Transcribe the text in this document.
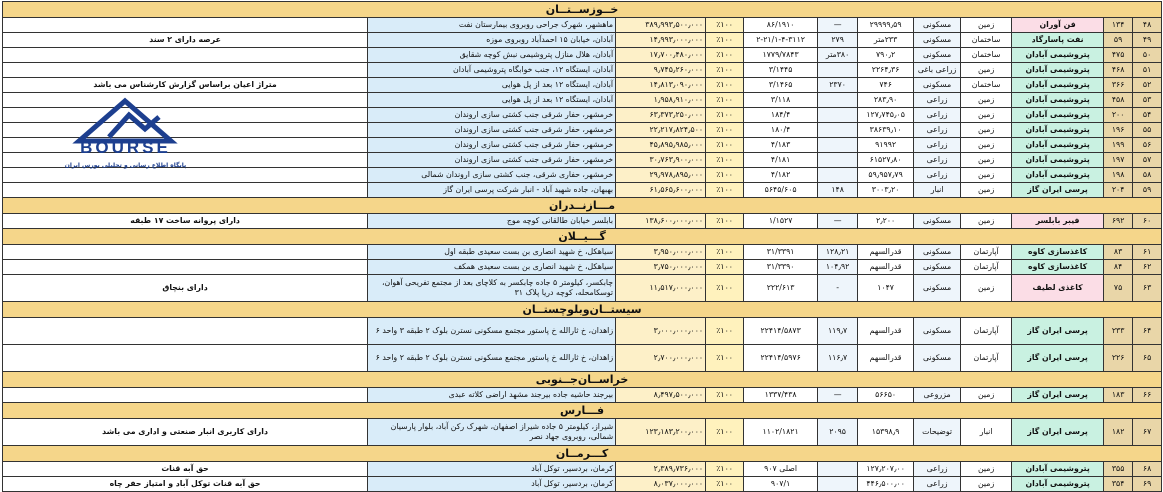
خــوزســتــان											
۴۸	۱۳۴	فن آوران	زمین	مسکونی	۲۹۹۹۹٫۵۹	—	۸۶/۱۹۱۰	٪۱۰۰	۳۸۹٫۹۹۳٫۵۰۰٫۰۰۰	ماهشهر، شهرک جراحی روبروی بیمارستان نفت	
۴۹	۵۹	نفت پاسارگاد	ساختمان	مسکونی	۲۳۳متر	۲۷۹	۲-۲۱/۱-۴-۳۱۱۲	٪۱۰۰	۱۴٫۹۹۳٫۰۰۰٫۰۰۰	آبادان، خیابان ۱۵ احمدآباد روبروی موزه	عرصه دارای ۲ سند
۵۰	۴۷۵	پتروشیمی آبادان	ساختمان	مسکونی	۷۹۰٫۲	۳۸۰متر	۱۷۷۹/۷۸۴۳	٪۱۰۰	۱۷٫۷۰۰٫۴۸۰٫۰۰۰	آبادان، هلال منازل پتروشیمی نبش کوچه شقایق	
۵۱	۴۶۸	پتروشیمی آبادان	زمین	زراعی باغی	۲۲۶۴٫۳۶		۳/۱۴۴۵	٪۱۰۰	۹٫۷۴۵٫۲۶۰٫۰۰۰	آبادان، ایستگاه ۱۲، جنب خوابگاه پتروشیمی آبادان	
۵۲	۳۶۶	پتروشیمی آبادان	ساختمان	مسکونی	۷۴۶	۲۳۷۰	۳/۱۴۶۵	٪۱۰۰	۱۴٫۸۱۳٫۰۹۰٫۰۰۰	آبادان، ایستگاه ۱۲ بعد از پل هوایی	متراژ اعیان براساس گزارش کارشناس می باشد
۵۳	۴۵۸	پتروشیمی آبادان	زمین	زراعی	۲۸۳٫۹۰		۳/۱۱۸	٪۱۰۰	۱٫۹۵۸٫۹۱۰٫۰۰۰	آبادان، ایستگاه ۱۲ بعد از پل هوایی	BOURSE
پایگاه اطلاع رسانی و تحلیلی بورس ایران

۵۴	۲۰۰	پتروشیمی آبادان	زمین	زراعی	۱۲۷٫۷۴۵٫۰۵		۱۸۴/۴	٪۱۰۰	۶۳٫۳۷۳٫۲۵۰٫۰۰۰	خرمشهر، حفار شرقی جنب کشتی سازی اروندان	
۵۵	۱۹۶	پتروشیمی آبادان	زمین	زراعی	۳۸۶۳۹٫۱۰		۱۸۰/۴	٪۱۰۰	۲۲٫۲۱۷٫۸۲۴٫۵۰۰	خرمشهر، حفار شرقی جنب کشتی سازی اروندان	
۵۶	۱۹۹	پتروشیمی آبادان	زمین	زراعی	۹۱۹۹۲		۴/۱۸۳	٪۱۰۰	۴۵٫۸۹۵٫۹۸۵٫۰۰۰	خرمشهر، حفار شرقی جنب کشتی سازی اروندان	
۵۷	۱۹۷	پتروشیمی آبادان	زمین	زراعی	۶۱۵۲۷٫۸۰		۴/۱۸۱	٪۱۰۰	۳۰٫۷۶۳٫۹۰۰٫۰۰۰	خرمشهر، حفار شرقی جنب کشتی سازی اروندان	
۵۸	۱۹۸	پتروشیمی آبادان	زمین	زراعی	۵۹٫۹۵۷٫۷۹		۴/۱۸۲	٪۱۰۰	۲۹٫۹۷۸٫۸۹۵٫۰۰۰	خرمشهر، حفاری شرقی، جنب کشتی سازی اروندان شمالی	
۵۹	۲۰۴	پرسی ایران گاز	زمین	انبار	۳۰۰۳٫۲۰	۱۴۸	۵۶۴۵/۶۰۵	٪۱۰۰	۶۱٫۵۶۵٫۶۰۰٫۰۰۰	بهبهان، جاده شهید آباد - انبار شرکت پرسی ایران گاز	
مـــازنــدران											
۶۰	۶۹۲	فیبر بابلسر	زمین	مسکونی	۲٫۲۰۰	—	۱/۱۵۲۷	٪۱۰۰	۱۳۸٫۶۰۰٫۰۰۰٫۰۰۰	بابلسر خیابان طالقانی کوچه موج	دارای پروانه ساخت ۱۷ طبقه
گـــیــلان											
۶۱	۸۳	کاغذسازی کاوه	آپارتمان	مسکونی	قدرالسهم	۱۲۸٫۲۱	۳۱/۳۳۹۱	٪۱۰۰	۳٫۹۵۰٫۰۰۰٫۰۰۰	سیاهکل، خ شهید انصاری بن بست سعیدی طبقه اول	
۶۲	۸۴	کاغذسازی کاوه	آپارتمان	مسکونی	قدرالسهم	۱۰۴٫۹۲	۳۱/۳۳۹۰	٪۱۰۰	۳٫۷۵۰٫۰۰۰٫۰۰۰	سیاهکل، خ شهید انصاری بن بست سعیدی همکف	
۶۳	۷۵	کاغذی لطیف	زمین	مسکونی	۱۰۴۷	-	۲۲۲/۶۱۳	٪۱۰۰	۱۱٫۵۱۷٫۰۰۰٫۰۰۰	چابکسر، کیلومتر ۵ جاده چابکسر به کلاچای بعد از مجتمع تفریحی آهوان، توسکامحله، کوچه دریا پلاک ۳۱	دارای بنچاق
سیستــان‌وبلوچستــان											
۶۴	۲۳۳	پرسی ایران گاز	آپارتمان	مسکونی	قدرالسهم	۱۱۹٫۷	۲۲۴۱۴/۵۸۷۳	٪۱۰۰	۳٫۰۰۰٫۰۰۰٫۰۰۰	زاهدان، خ ثارالله خ پاستور مجتمع مسکونی نسترن بلوک ۲ طبقه ۳ واحد ۶	
۶۵	۲۲۶	پرسی ایران گاز	آپارتمان	مسکونی	قدرالسهم	۱۱۶٫۷	۲۲۴۱۴/۵۹۷۶	٪۱۰۰	۲٫۷۰۰٫۰۰۰٫۰۰۰	زاهدان، خ ثارالله خ پاستور مجتمع مسکونی نسترن بلوک ۲ طبقه ۲ واحد ۶	
خراســان‌جــنوبی											
۶۶	۱۸۳	پرسی ایران گاز	زمین	مزروعی	۵۶۶۵۰	—	۱۳۳۷/۴۳۸	٪۱۰۰	۸٫۴۹۷٫۵۰۰٫۰۰۰	بیرجند حاشیه جاده بیرجند مشهد اراضی کلاته عبدی	
فـــارس											
۶۷	۱۸۲	پرسی ایران گاز	انبار	توضیحات	۱۵۳۹۸٫۹	۲۰۹۵	۱۱۰۲/۱۸۲۱	٪۱۰۰	۱۲۳٫۱۸۳٫۲۰۰٫۰۰۰	شیراز، کیلومتر ۵ جاده شیراز اصفهان، شهرک رکن آباد، بلوار پارسیان شمالی، روبروی جهاد نصر	دارای کاربری انبار صنعتی و اداری می باشد
کـــرمــان											
۶۸	۳۵۵	پتروشیمی آبادان	زمین	زراعی	۱۲۷٫۲۰۷٫۰۰		اصلی ۹۰۷	٪۱۰۰	۲٫۳۸۹٫۷۳۶٫۰۰۰	کرمان، بردسیر، توکل آباد	حق آبه قنات
۶۹	۳۵۴	پتروشیمی آبادان	زمین	زراعی	۴۴۶٫۵۰۰٫۰۰		۹۰۷/۱	٪۱۰۰	۸٫۰۳۷٫۰۰۰٫۰۰۰	کرمان، بردسیر، توکل آباد	حق آبه قنات توکل آباد و امتیاز حفر چاه
